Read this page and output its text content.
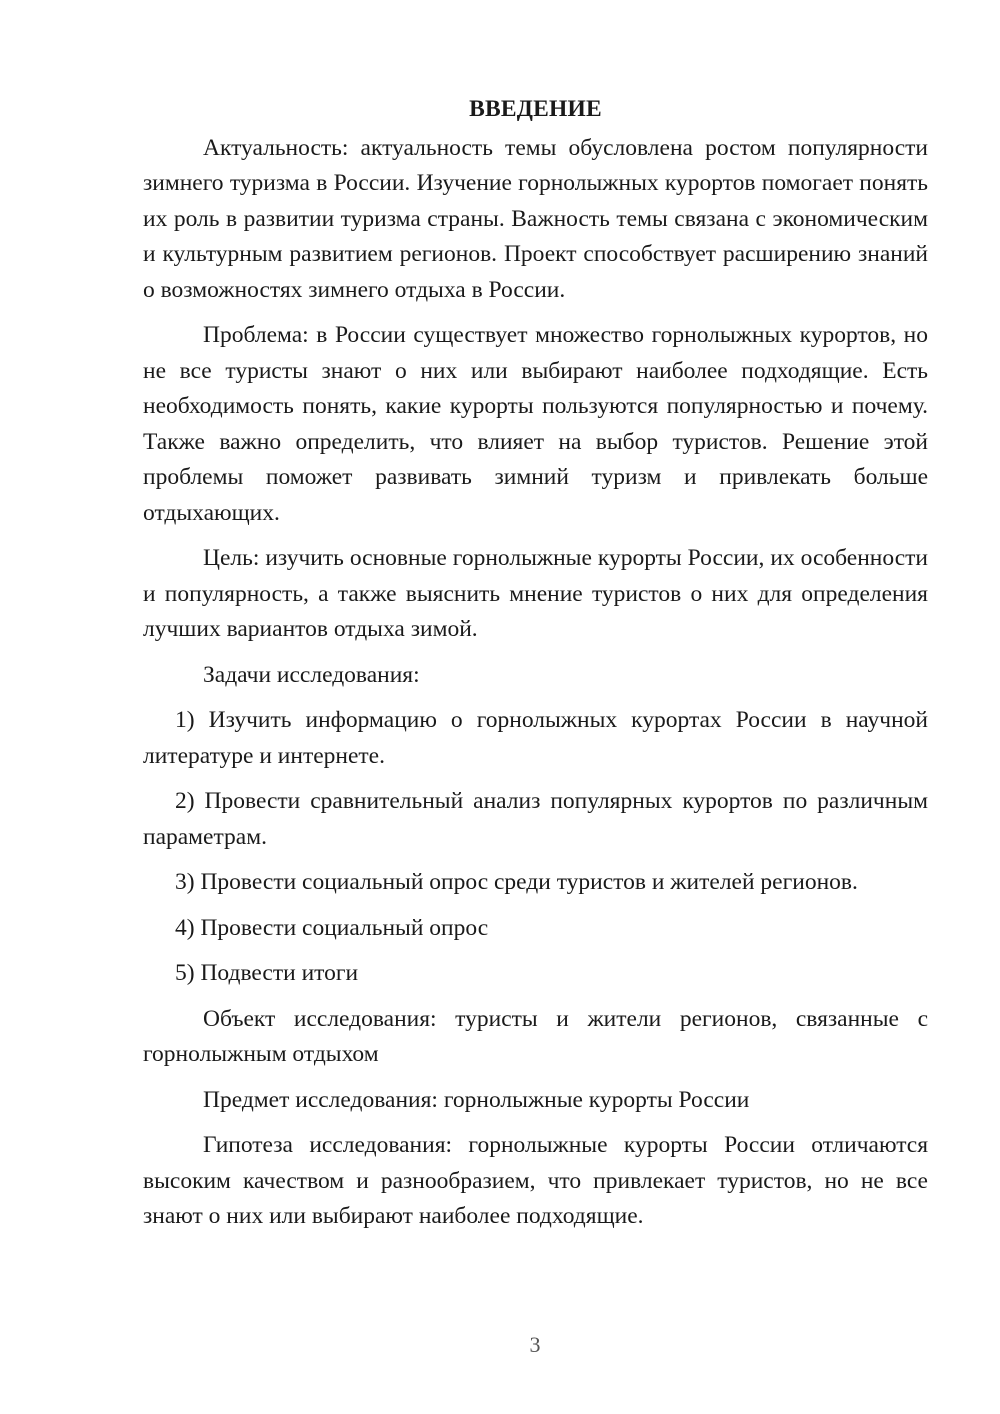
ВВЕДЕНИЕ

Актуальность: актуальность темы обусловлена ростом популярности зимнего туризма в России. Изучение горнолыжных курортов помогает понять их роль в развитии туризма страны. Важность темы связана с экономическим и культурным развитием регионов. Проект способствует расширению знаний о возможностях зимнего отдыха в России.

Проблема: в России существует множество горнолыжных курортов, но не все туристы знают о них или выбирают наиболее подходящие. Есть необходимость понять, какие курорты пользуются популярностью и почему. Также важно определить, что влияет на выбор туристов. Решение этой проблемы поможет развивать зимний туризм и привлекать больше отдыхающих.

Цель: изучить основные горнолыжные курорты России, их особенности и популярность, а также выяснить мнение туристов о них для определения лучших вариантов отдыха зимой.

Задачи исследования:

1) Изучить информацию о горнолыжных курортах России в научной литературе и интернете.

2) Провести сравнительный анализ популярных курортов по различным параметрам.

3) Провести социальный опрос среди туристов и жителей регионов.

4) Провести социальный опрос

5) Подвести итоги

Объект исследования: туристы и жители регионов, связанные с горнолыжным отдыхом

Предмет исследования: горнолыжные курорты России

Гипотеза исследования: горнолыжные курорты России отличаются высоким качеством и разнообразием, что привлекает туристов, но не все знают о них или выбирают наиболее подходящие.

3
